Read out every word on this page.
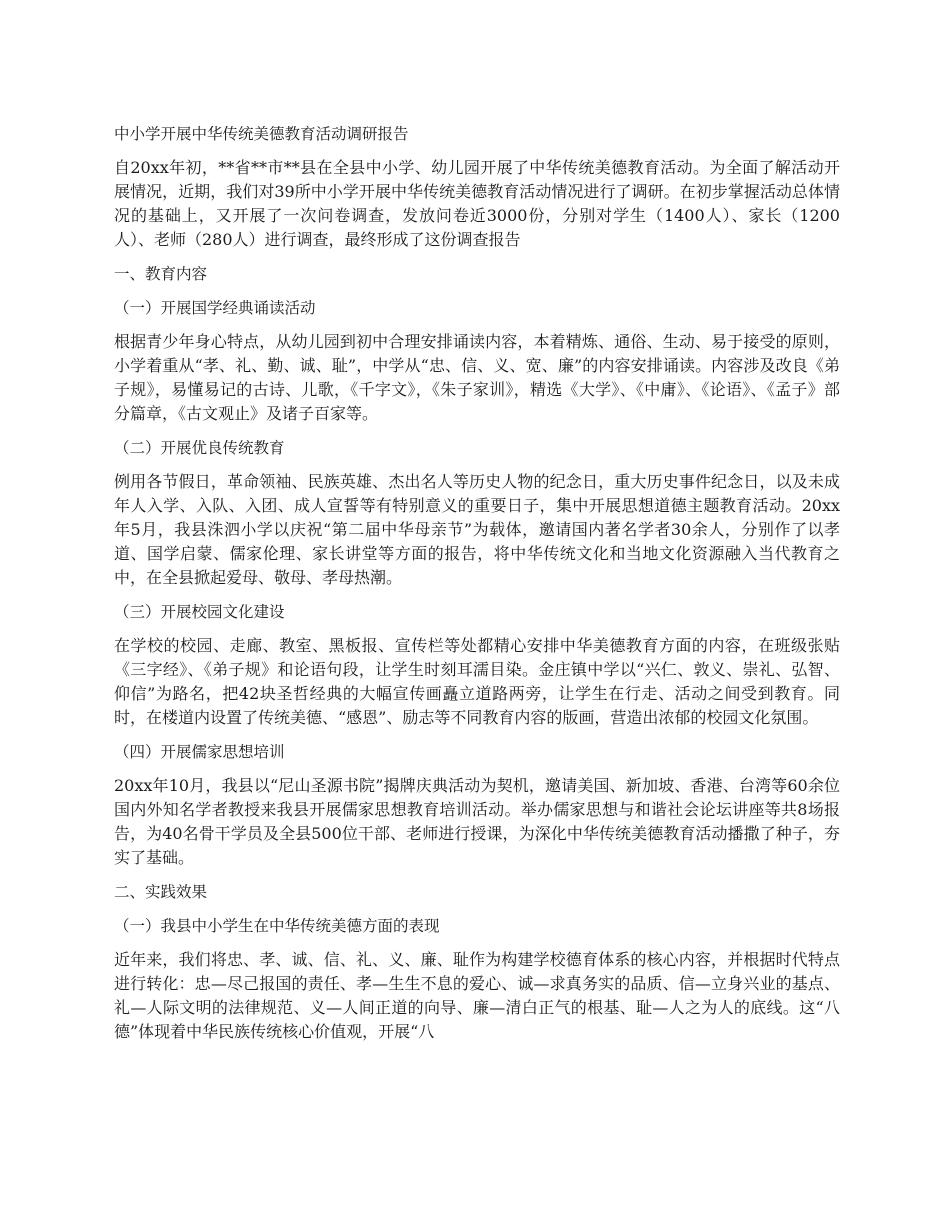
中小学开展中华传统美德教育活动调研报告

自20xx年初，**省**市**县在全县中小学、幼儿园开展了中华传统美德教育活动。为全面了解活动开展情况，近期，我们对39所中小学开展中华传统美德教育活动情况进行了调研。在初步掌握活动总体情况的基础上，又开展了一次问卷调查，发放问卷近3000份，分别对学生（1400人）、家长（1200人）、老师（280人）进行调查，最终形成了这份调查报告

一、教育内容

（一）开展国学经典诵读活动

根据青少年身心特点，从幼儿园到初中合理安排诵读内容，本着精炼、通俗、生动、易于接受的原则，小学着重从“孝、礼、勤、诚、耻”，中学从“忠、信、义、宽、廉”的内容安排诵读。内容涉及改良《弟子规》，易懂易记的古诗、儿歌，《千字文》，《朱子家训》，精选《大学》、《中庸》、《论语》、《孟子》部分篇章，《古文观止》及诸子百家等。

（二）开展优良传统教育

例用各节假日，革命领袖、民族英雄、杰出名人等历史人物的纪念日，重大历史事件纪念日，以及未成年人入学、入队、入团、成人宣誓等有特别意义的重要日子，集中开展思想道德主题教育活动。20xx年5月，我县洙泗小学以庆祝“第二届中华母亲节”为载体，邀请国内著名学者30余人，分别作了以孝道、国学启蒙、儒家伦理、家长讲堂等方面的报告，将中华传统文化和当地文化资源融入当代教育之中，在全县掀起爱母、敬母、孝母热潮。

（三）开展校园文化建设

在学校的校园、走廊、教室、黑板报、宣传栏等处都精心安排中华美德教育方面的内容，在班级张贴《三字经》、《弟子规》和论语句段，让学生时刻耳濡目染。金庄镇中学以“兴仁、敦义、崇礼、弘智、仰信”为路名，把42块圣哲经典的大幅宣传画矗立道路两旁，让学生在行走、活动之间受到教育。同时，在楼道内设置了传统美德、“感恩”、励志等不同教育内容的版画，营造出浓郁的校园文化氛围。

（四）开展儒家思想培训

20xx年10月，我县以“尼山圣源书院”揭牌庆典活动为契机，邀请美国、新加坡、香港、台湾等60余位国内外知名学者教授来我县开展儒家思想教育培训活动。举办儒家思想与和谐社会论坛讲座等共8场报告，为40名骨干学员及全县500位干部、老师进行授课，为深化中华传统美德教育活动播撒了种子，夯实了基础。

二、实践效果

（一）我县中小学生在中华传统美德方面的表现

近年来，我们将忠、孝、诚、信、礼、义、廉、耻作为构建学校德育体系的核心内容，并根据时代特点进行转化：忠—尽己报国的责任、孝—生生不息的爱心、诚—求真务实的品质、信—立身兴业的基点、礼—人际文明的法律规范、义—人间正道的向导、廉—清白正气的根基、耻—人之为人的底线。这“八德”体现着中华民族传统核心价值观，开展“八
